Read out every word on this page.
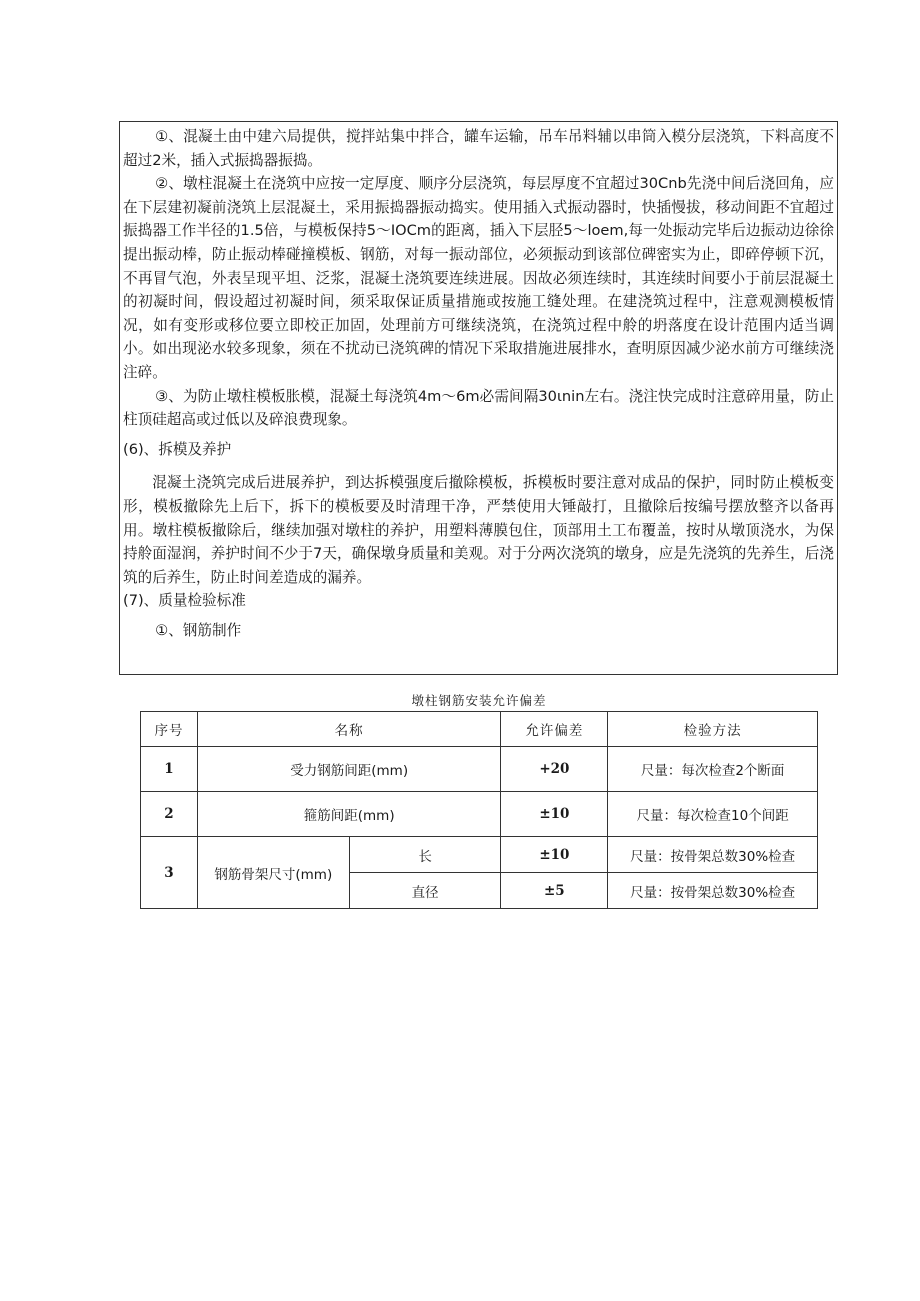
①、混凝土由中建六局提供，搅拌站集中拌合，罐车运输，吊车吊料辅以串筒入模分层浇筑，下料高度不超过2米，插入式振捣器振捣。

②、墩柱混凝土在浇筑中应按一定厚度、顺序分层浇筑，每层厚度不宜超过30Cnb先浇中间后浇回角，应在下层建初凝前浇筑上层混凝土，采用振捣器振动捣实。使用插入式振动器时，快插慢拔，移动间距不宜超过振捣器工作半径的1.5倍，与模板保持5～IOCm的距离，插入下层胫5～loem,每一处振动完毕后边振动边徐徐提出振动棒，防止振动棒碰撞模板、钢筋，对每一振动部位，必须振动到该部位碑密实为止，即碎停顿下沉，不再冒气泡，外表呈现平坦、泛浆，混凝土浇筑要连续进展。因故必须连续时，其连续时间要小于前层混凝土的初凝时间，假设超过初凝时间，须采取保证质量措施或按施工缝处理。在建浇筑过程中，注意观测模板情况，如有变形或移位要立即校正加固，处理前方可继续浇筑，在浇筑过程中舲的坍落度在设计范围内适当调小。如出现泌水较多现象，须在不扰动已浇筑碑的情况下采取措施进展排水，查明原因减少泌水前方可继续浇注碎。

③、为防止墩柱模板胀模，混凝土每浇筑4m～6m必需间隔30ιnin左右。浇注快完成时注意碎用量，防止柱顶硅超高或过低以及碎浪费现象。

(6)、拆模及养护

混凝土浇筑完成后进展养护，到达拆模强度后撤除模板，拆模板时要注意对成品的保护，同时防止模板变形，模板撤除先上后下，拆下的模板要及时清理干净，严禁使用大锤敲打，且撤除后按编号摆放整齐以备再用。墩柱模板撤除后，继续加强对墩柱的养护，用塑料薄膜包住，顶部用土工布覆盖，按时从墩顶浇水，为保持舲面湿润，养护时间不少于7天，确保墩身质量和美观。对于分两次浇筑的墩身，应是先浇筑的先养生，后浇筑的后养生，防止时间差造成的漏养。

(7)、质量检验标准

①、钢筋制作

墩柱钢筋安装允许偏差
序号	名称		允许偏差	检验方法
1	受力钢筋间距(mm)		+20	尺量：每次检查2个断面
2	箍筋间距(mm)		±10	尺量：每次检查10个间距
3	钢筋骨架尺寸(mm)	长	±10	尺量：按骨架总数30%检查
		直径	±5	尺量：按骨架总数30%检查
